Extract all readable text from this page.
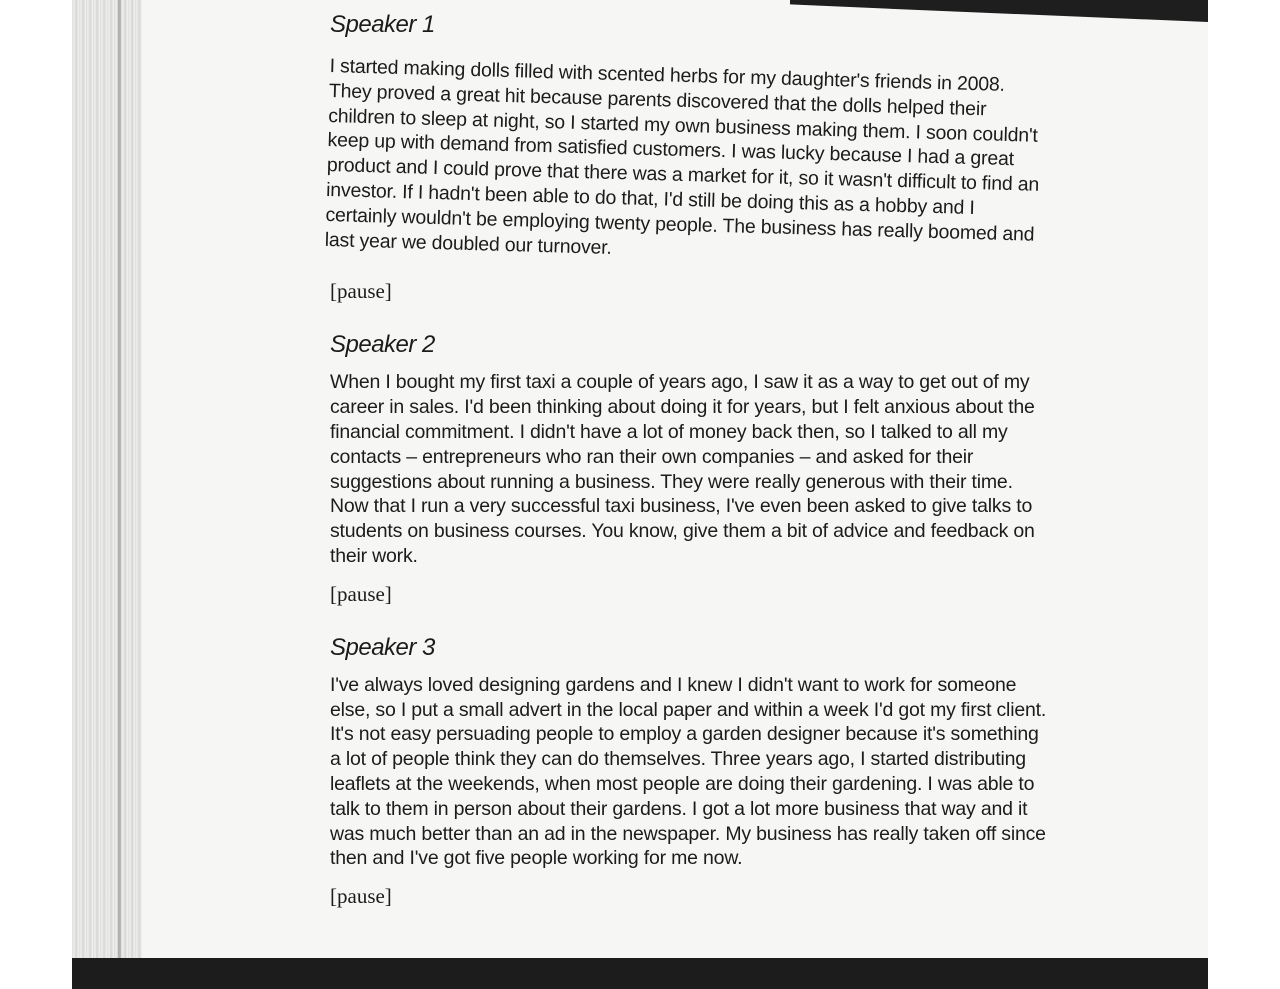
Speaker 1

I started making dolls filled with scented herbs for my daughter's friends in 2008. They proved a great hit because parents discovered that the dolls helped their children to sleep at night, so I started my own business making them. I soon couldn't keep up with demand from satisfied customers. I was lucky because I had a great product and I could prove that there was a market for it, so it wasn't difficult to find an investor. If I hadn't been able to do that, I'd still be doing this as a hobby and I certainly wouldn't be employing twenty people. The business has really boomed and last year we doubled our turnover.

[pause]

Speaker 2

When I bought my first taxi a couple of years ago, I saw it as a way to get out of my career in sales. I'd been thinking about doing it for years, but I felt anxious about the financial commitment. I didn't have a lot of money back then, so I talked to all my contacts – entrepreneurs who ran their own companies – and asked for their suggestions about running a business. They were really generous with their time. Now that I run a very successful taxi business, I've even been asked to give talks to students on business courses. You know, give them a bit of advice and feedback on their work.

[pause]

Speaker 3

I've always loved designing gardens and I knew I didn't want to work for someone else, so I put a small advert in the local paper and within a week I'd got my first client. It's not easy persuading people to employ a garden designer because it's something a lot of people think they can do themselves. Three years ago, I started distributing leaflets at the weekends, when most people are doing their gardening. I was able to talk to them in person about their gardens. I got a lot more business that way and it was much better than an ad in the newspaper. My business has really taken off since then and I've got five people working for me now.

[pause]
